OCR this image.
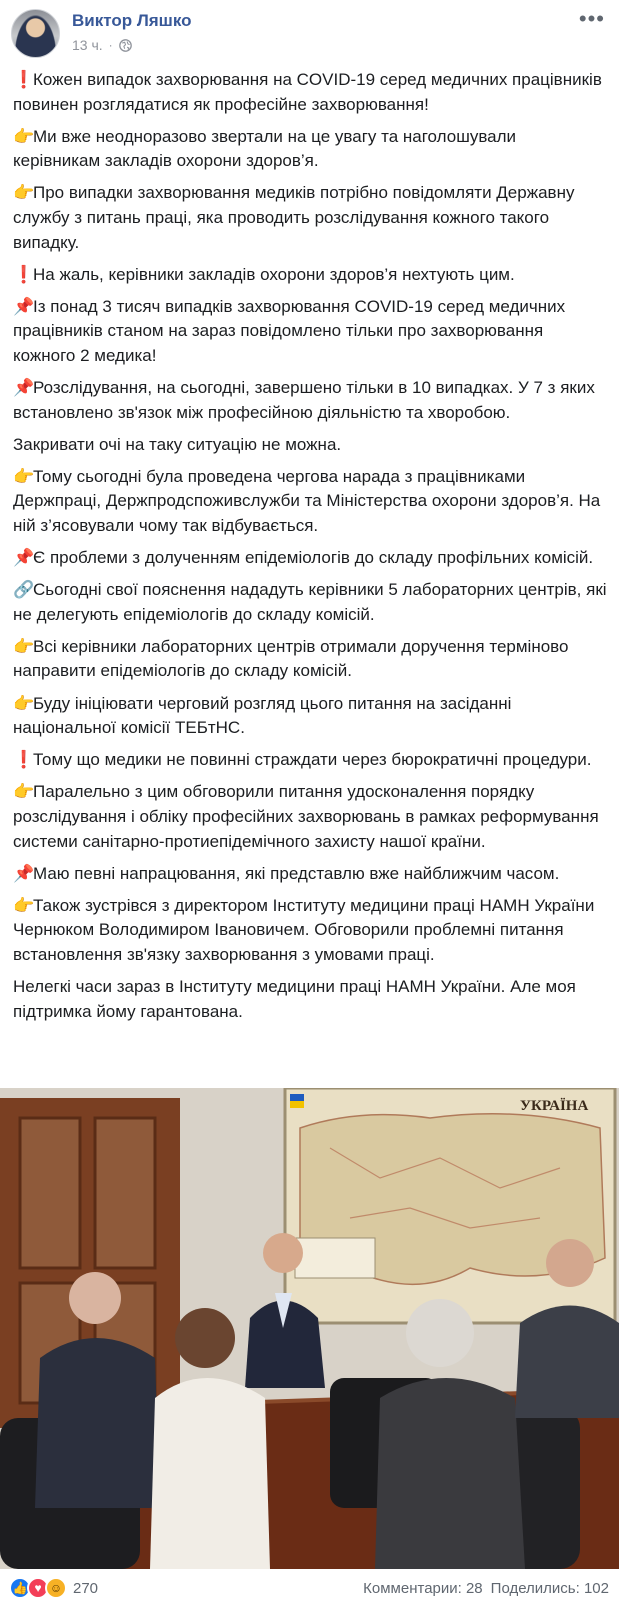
Виктор Ляшко
13 ч. ·
•••
❗Кожен випадок захворювання на COVID-19 серед медичних працівників повинен розглядатися як професійне захворювання!
👉Ми вже неодноразово звертали на це увагу та наголошували керівникам закладів охорони здоров’я.
👉Про випадки захворювання медиків потрібно повідомляти Державну службу з питань праці, яка проводить розслідування кожного такого випадку.
❗На жаль, керівники закладів охорони здоров’я нехтують цим.
📌Із понад 3 тисяч випадків захворювання COVID-19 серед медичних працівників станом на зараз повідомлено тільки про захворювання кожного 2 медика!
📌Розслідування, на сьогодні, завершено тільки в 10 випадках. У 7 з яких встановлено зв'язок між професійною діяльністю та хворобою.
Закривати очі на таку ситуацію не можна.
👉Тому сьогодні була проведена чергова нарада з працівниками Держпраці, Держпродспоживслужби та Міністерства охорони здоров’я. На ній з’ясовували чому так відбувається.
📌Є проблеми з долученням епідеміологів до складу профільних комісій.
🔗Сьогодні свої пояснення нададуть керівники 5 лабораторних центрів, які не делегують епідеміологів до складу комісій.
👉Всі керівники лабораторних центрів отримали доручення терміново направити епідеміологів до складу комісій.
👉Буду ініціювати черговий розгляд цього питання на засіданні національної комісії ТЕБтНС.
❗Тому що медики не повинні страждати через бюрократичні процедури.
👉Паралельно з цим обговорили питання удосконалення порядку розслідування і обліку професійних захворювань в рамках реформування системи санітарно-протиепідемічного захисту нашої країни.
📌Маю певні напрацювання, які представлю вже найближчим часом.
👉Також зустрівся з директором Інституту медицини праці НАМН України Чернюком Володимиром Івановичем. Обговорили проблемні питання встановлення зв'язку захворювання з умовами праці.
Нелегкі часи зараз в Інституту медицини праці НАМН України. Але моя підтримка йому гарантована.
УКРАЇНА
👍 ♥ ☺ 270	Комментарии: 28 Поделились: 102
